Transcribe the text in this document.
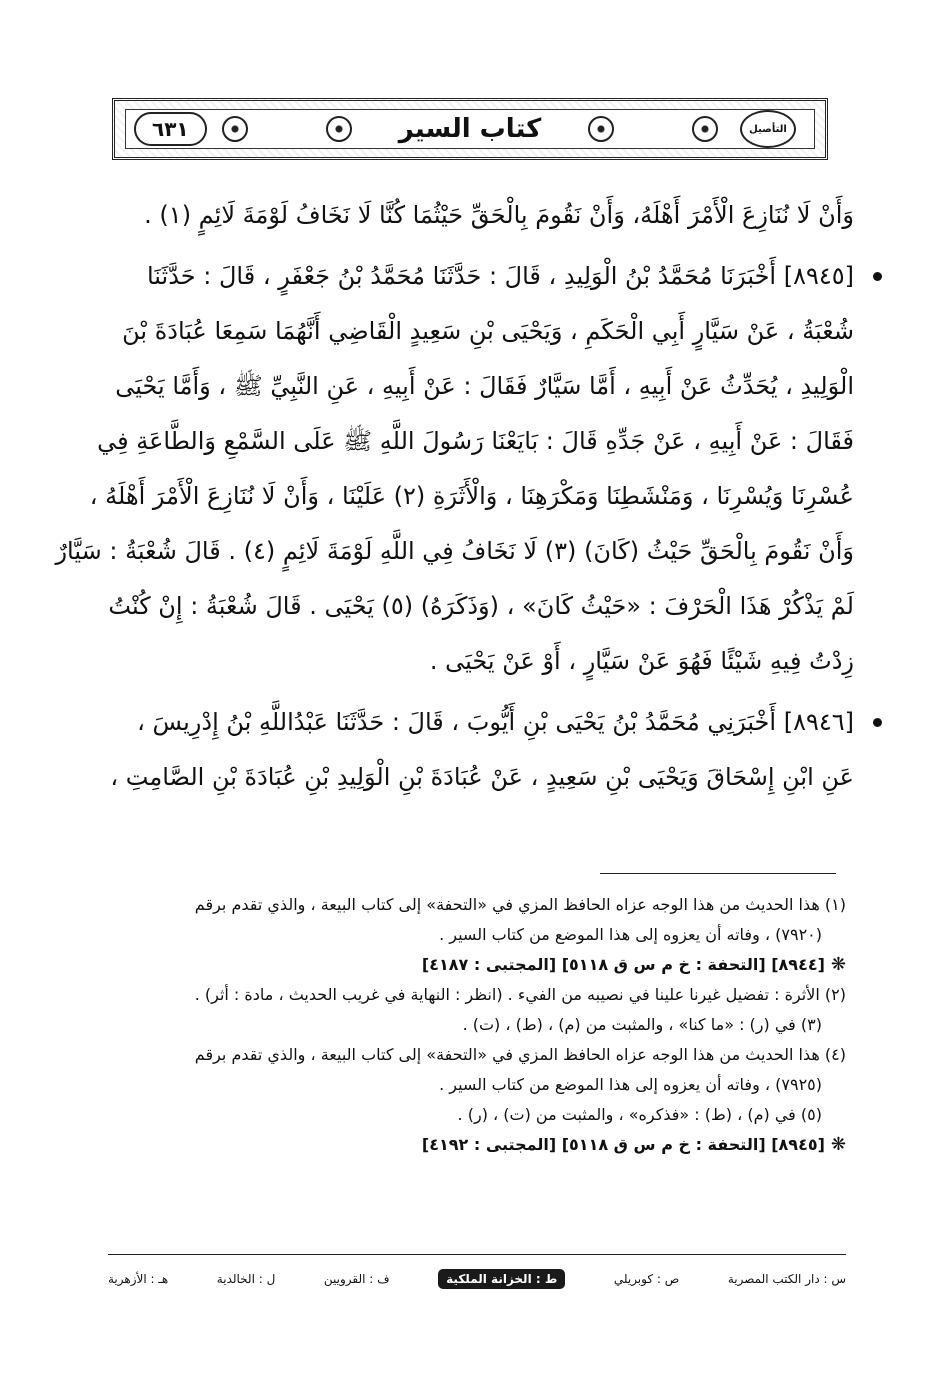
٦٣١	كتاب السير	التأصيل
وَأَنْ لَا نُنَازِعَ الْأَمْرَ أَهْلَهُ، وَأَنْ نَقُومَ بِالْحَقِّ حَيْثُمَا كُنَّا لَا نَخَافُ لَوْمَةَ لَائِمٍ (١) .
[٨٩٤٥] أَخْبَرَنَا مُحَمَّدُ بْنُ الْوَلِيدِ ، قَالَ : حَدَّثَنَا مُحَمَّدُ بْنُ جَعْفَرٍ ، قَالَ : حَدَّثَنَا
شُعْبَةُ ، عَنْ سَيَّارٍ أَبِي الْحَكَمِ ، وَيَحْيَى بْنِ سَعِيدٍ الْقَاضِي أَنَّهُمَا سَمِعَا عُبَادَةَ بْنَ
الْوَلِيدِ ، يُحَدِّثُ عَنْ أَبِيهِ ، أَمَّا سَيَّارٌ فَقَالَ : عَنْ أَبِيهِ ، عَنِ النَّبِيِّ ﷺ ، وَأَمَّا يَحْيَى
فَقَالَ : عَنْ أَبِيهِ ، عَنْ جَدِّهِ قَالَ : بَايَعْنَا رَسُولَ اللَّهِ ﷺ عَلَى السَّمْعِ وَالطَّاعَةِ فِي
عُسْرِنَا وَيُسْرِنَا ، وَمَنْشَطِنَا وَمَكْرَهِنَا ، وَالْأَثَرَةِ (٢) عَلَيْنَا ، وَأَنْ لَا نُنَازِعَ الْأَمْرَ أَهْلَهُ ،
وَأَنْ نَقُومَ بِالْحَقِّ حَيْثُ (كَانَ) (٣) لَا نَخَافُ فِي اللَّهِ لَوْمَةَ لَائِمٍ (٤) . قَالَ شُعْبَةُ : سَيَّارٌ
لَمْ يَذْكُرْ هَذَا الْحَرْفَ : «حَيْثُ كَانَ» ، (وَذَكَرَهُ) (٥) يَحْيَى . قَالَ شُعْبَةُ : إِنْ كُنْتُ
زِدْتُ فِيهِ شَيْئًا فَهُوَ عَنْ سَيَّارٍ ، أَوْ عَنْ يَحْيَى .
[٨٩٤٦] أَخْبَرَنِي مُحَمَّدُ بْنُ يَحْيَى بْنِ أَيُّوبَ ، قَالَ : حَدَّثَنَا عَبْدُاللَّهِ بْنُ إِدْرِيسَ ،
عَنِ ابْنِ إِسْحَاقَ وَيَحْيَى بْنِ سَعِيدٍ ، عَنْ عُبَادَةَ بْنِ الْوَلِيدِ بْنِ عُبَادَةَ بْنِ الصَّامِتِ ،
(١) هذا الحديث من هذا الوجه عزاه الحافظ المزي في «التحفة» إلى كتاب البيعة ، والذي تقدم برقم
(٧٩٢٠) ، وفاته أن يعزوه إلى هذا الموضع من كتاب السير .
❋[٨٩٤٤] [التحفة : خ م س ق ٥١١٨] [المجتبى : ٤١٨٧]
(٢) الأثرة : تفضيل غيرنا علينا في نصيبه من الفيء . (انظر : النهاية في غريب الحديث ، مادة : أثر) .
(٣) في (ر) : «ما كنا» ، والمثبت من (م) ، (ط) ، (ت) .
(٤) هذا الحديث من هذا الوجه عزاه الحافظ المزي في «التحفة» إلى كتاب البيعة ، والذي تقدم برقم
(٧٩٢٥) ، وفاته أن يعزوه إلى هذا الموضع من كتاب السير .
(٥) في (م) ، (ط) : «فذكره» ، والمثبت من (ت) ، (ر) .
❋[٨٩٤٥] [التحفة : خ م س ق ٥١١٨] [المجتبى : ٤١٩٢]
س : دار الكتب المصرية
ص : كوبريلي
ط : الخزانة الملكية
ف : القرويين
ل : الخالدية
هـ : الأزهرية
